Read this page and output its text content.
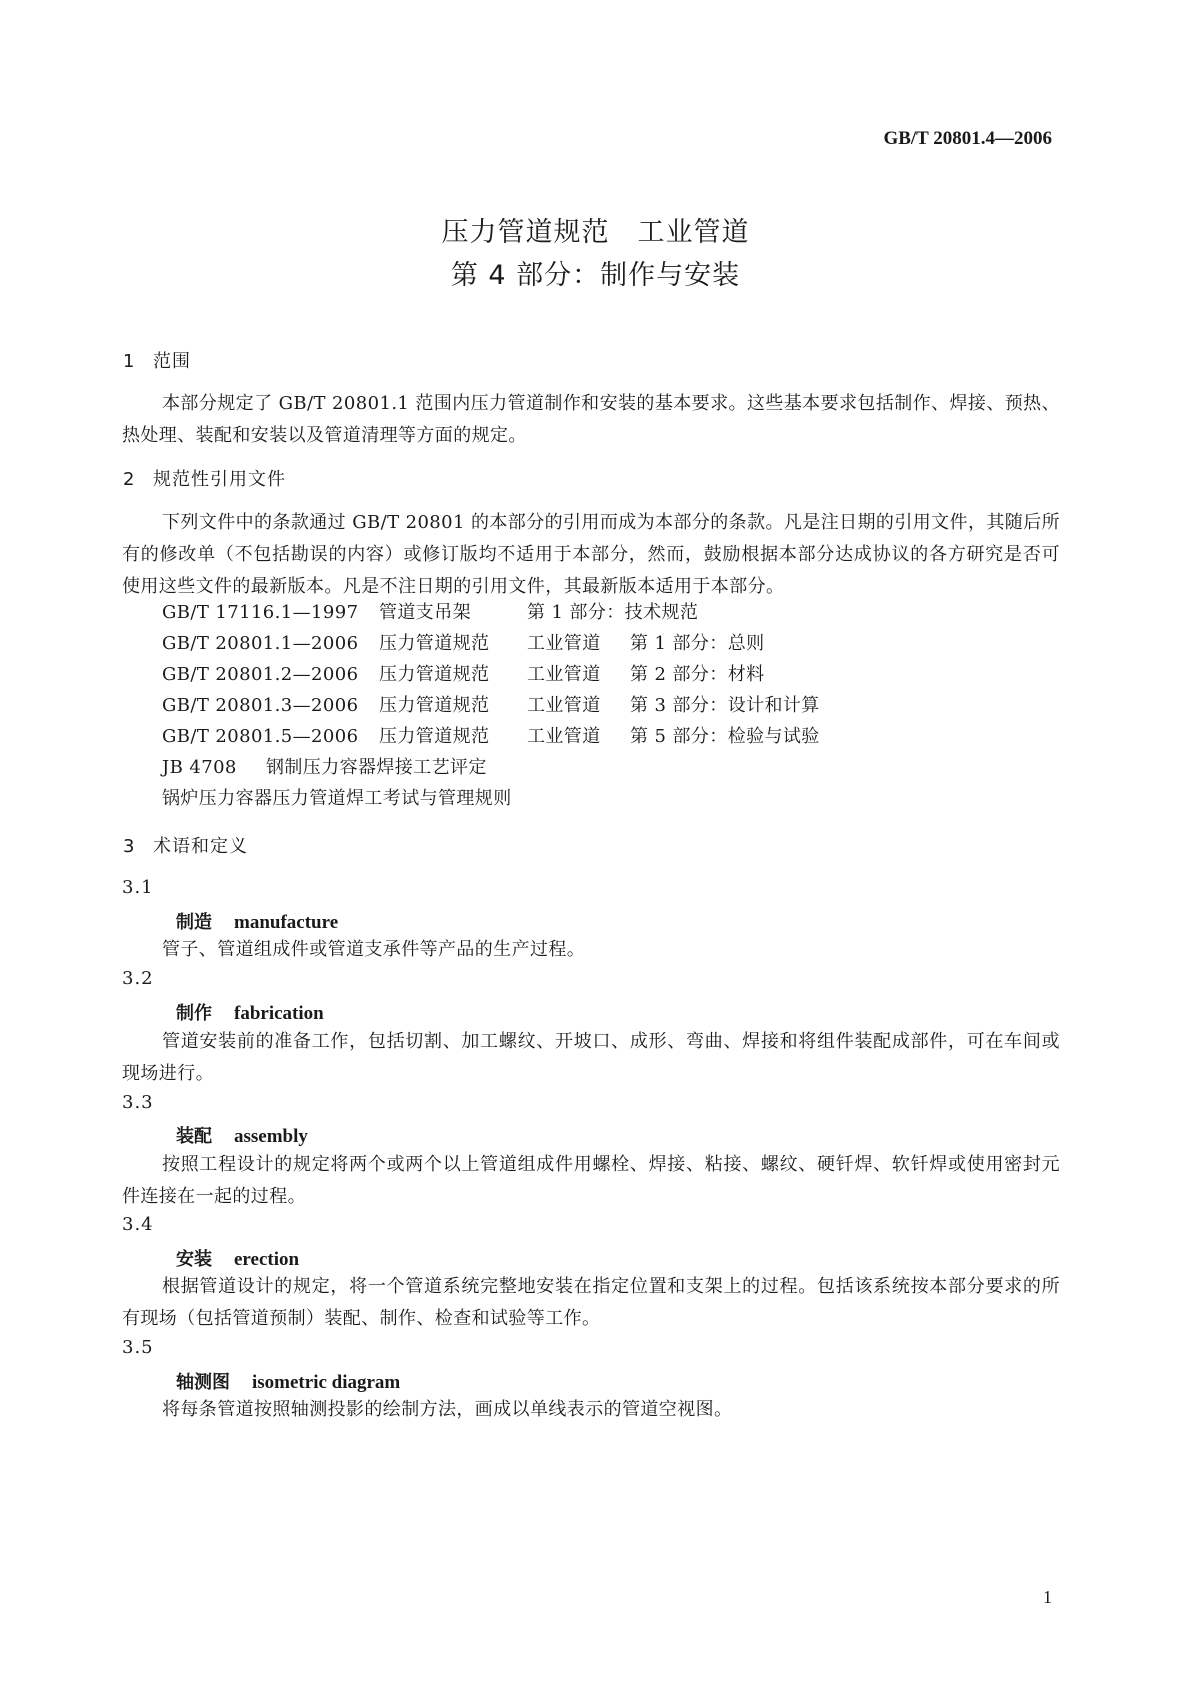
GB/T 20801.4—2006
压力管道规范　工业管道
第 4 部分：制作与安装
1 范围
本部分规定了 GB/T 20801.1 范围内压力管道制作和安装的基本要求。这些基本要求包括制作、焊接、预热、热处理、装配和安装以及管道清理等方面的规定。
2 规范性引用文件
下列文件中的条款通过 GB/T 20801 的本部分的引用而成为本部分的条款。凡是注日期的引用文件，其随后所有的修改单（不包括勘误的内容）或修订版均不适用于本部分，然而，鼓励根据本部分达成协议的各方研究是否可使用这些文件的最新版本。凡是不注日期的引用文件，其最新版本适用于本部分。
GB/T 17116.1—1997 管道支吊架	第 1 部分：技术规范
GB/T 20801.1—2006 压力管道规范 工业管道 第 1 部分：总则
GB/T 20801.2—2006 压力管道规范 工业管道 第 2 部分：材料
GB/T 20801.3—2006 压力管道规范 工业管道 第 3 部分：设计和计算
GB/T 20801.5—2006 压力管道规范 工业管道 第 5 部分：检验与试验
JB 4708 钢制压力容器焊接工艺评定
锅炉压力容器压力管道焊工考试与管理规则
3 术语和定义
3.1
制造 manufacture
管子、管道组成件或管道支承件等产品的生产过程。
3.2
制作 fabrication
管道安装前的准备工作，包括切割、加工螺纹、开坡口、成形、弯曲、焊接和将组件装配成部件，可在车间或现场进行。
3.3
装配 assembly
按照工程设计的规定将两个或两个以上管道组成件用螺栓、焊接、粘接、螺纹、硬钎焊、软钎焊或使用密封元件连接在一起的过程。
3.4
安装 erection
根据管道设计的规定，将一个管道系统完整地安装在指定位置和支架上的过程。包括该系统按本部分要求的所有现场（包括管道预制）装配、制作、检查和试验等工作。
3.5
轴测图 isometric diagram
将每条管道按照轴测投影的绘制方法，画成以单线表示的管道空视图。
1
